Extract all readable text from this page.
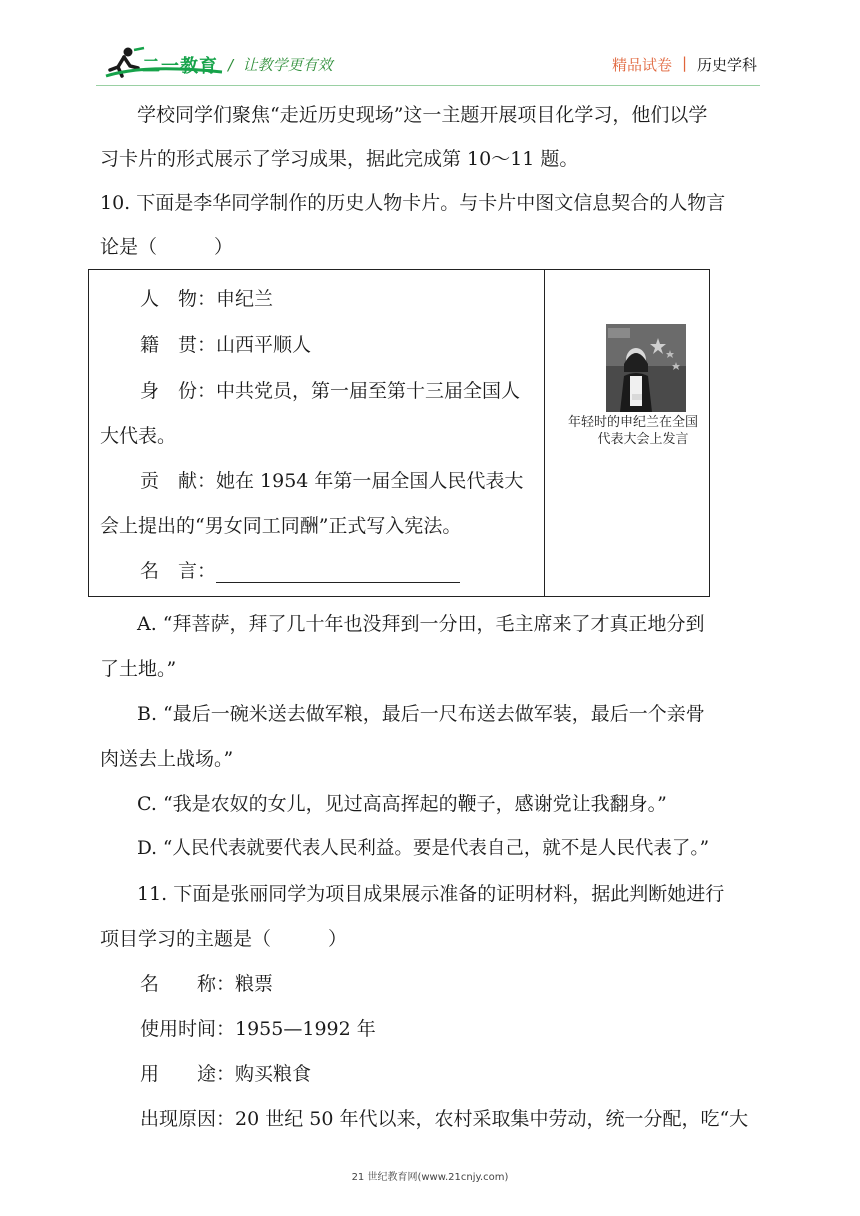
二一教育 /  让教学更有效	精品试卷 | 历史学科
学校同学们聚焦“走近历史现场”这一主题开展项目化学习，他们以学
习卡片的形式展示了学习成果，据此完成第 10～11 题。
10. 下面是李华同学制作的历史人物卡片。与卡片中图文信息契合的人物言
论是（　　　）
人　物：申纪兰
籍　贯：山西平顺人
身　份：中共党员，第一届至第十三届全国人
大代表。
贡　献：她在 1954 年第一届全国人民代表大
会上提出的“男女同工同酬”正式写入宪法。
名　言：
年轻时的申纪兰在全国
代表大会上发言
A. “拜菩萨，拜了几十年也没拜到一分田，毛主席来了才真正地分到
了土地。”
B. “最后一碗米送去做军粮，最后一尺布送去做军装，最后一个亲骨
肉送去上战场。”
C. “我是农奴的女儿，见过高高挥起的鞭子，感谢党让我翻身。”
D. “人民代表就要代表人民利益。要是代表自己，就不是人民代表了。”
11. 下面是张丽同学为项目成果展示准备的证明材料，据此判断她进行
项目学习的主题是（　　　）
名　　称：粮票
使用时间：1955—1992 年
用　　途：购买粮食
出现原因：20 世纪 50 年代以来，农村采取集中劳动，统一分配，吃“大
21 世纪教育网(www.21cnjy.com)
